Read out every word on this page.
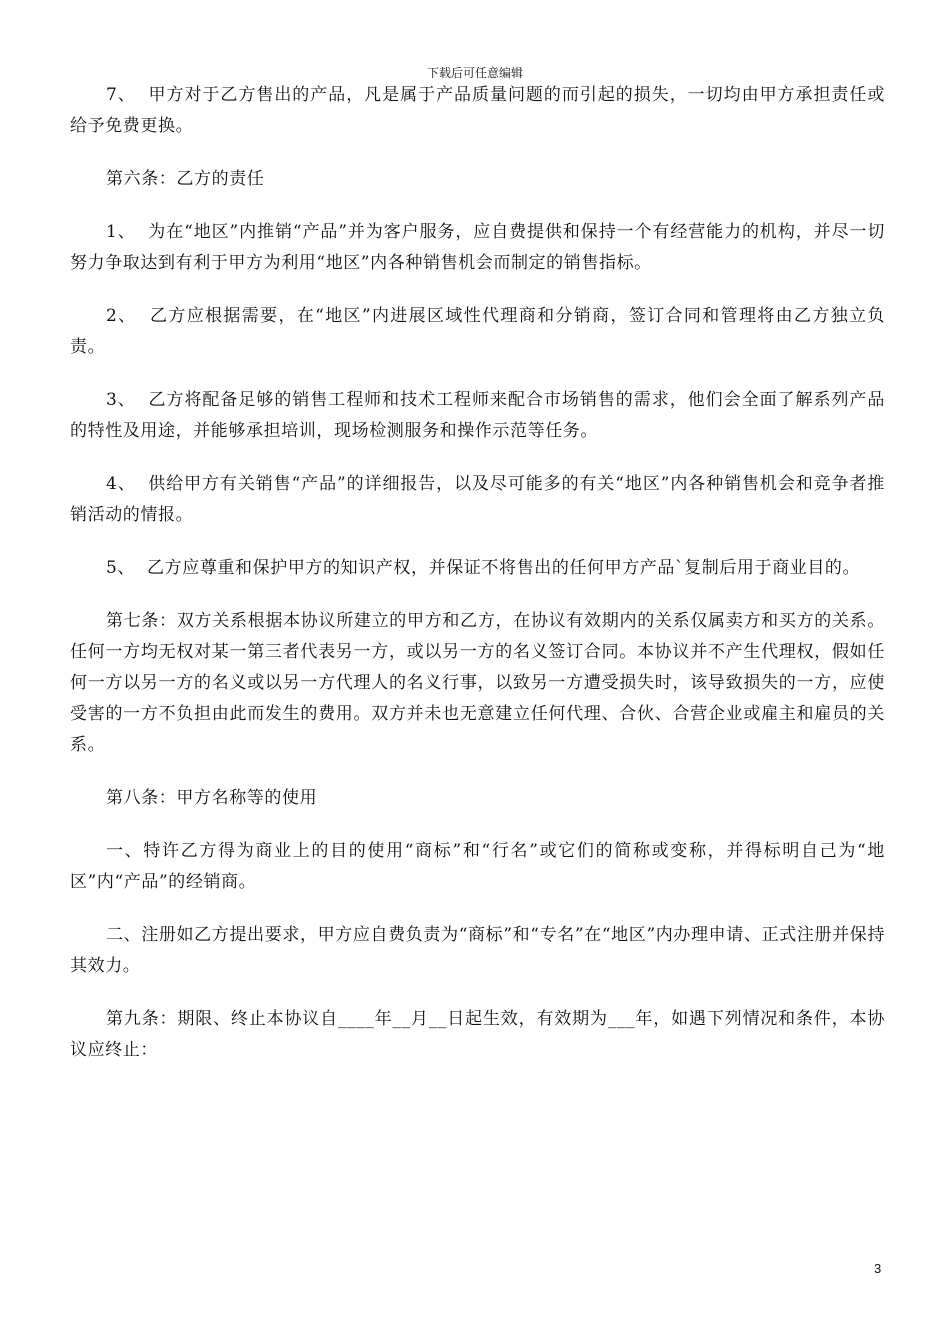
下载后可任意编辑

7、  甲方对于乙方售出的产品，凡是属于产品质量问题的而引起的损失，一切均由甲方承担责任或给予免费更换。

第六条：乙方的责任

1、  为在“地区”内推销“产品”并为客户服务，应自费提供和保持一个有经营能力的机构，并尽一切努力争取达到有利于甲方为利用“地区”内各种销售机会而制定的销售指标。

2、  乙方应根据需要，在“地区”内进展区域性代理商和分销商，签订合同和管理将由乙方独立负责。

3、  乙方将配备足够的销售工程师和技术工程师来配合市场销售的需求，他们会全面了解系列产品的特性及用途，并能够承担培训，现场检测服务和操作示范等任务。

4、  供给甲方有关销售“产品”的详细报告，以及尽可能多的有关“地区”内各种销售机会和竞争者推销活动的情报。

5、  乙方应尊重和保护甲方的知识产权，并保证不将售出的任何甲方产品`复制后用于商业目的。

第七条：双方关系根据本协议所建立的甲方和乙方，在协议有效期内的关系仅属卖方和买方的关系。任何一方均无权对某一第三者代表另一方，或以另一方的名义签订合同。本协议并不产生代理权，假如任何一方以另一方的名义或以另一方代理人的名义行事，以致另一方遭受损失时，该导致损失的一方，应使受害的一方不负担由此而发生的费用。双方并未也无意建立任何代理、合伙、合营企业或雇主和雇员的关系。

第八条：甲方名称等的使用

一、特许乙方得为商业上的目的使用“商标”和“行名”或它们的简称或变称，并得标明自己为“地区”内“产品”的经销商。

二、注册如乙方提出要求，甲方应自费负责为“商标”和“专名”在“地区”内办理申请、正式注册并保持其效力。

第九条：期限、终止本协议自____年__月__日起生效，有效期为___年，如遇下列情况和条件，本协议应终止：

3
